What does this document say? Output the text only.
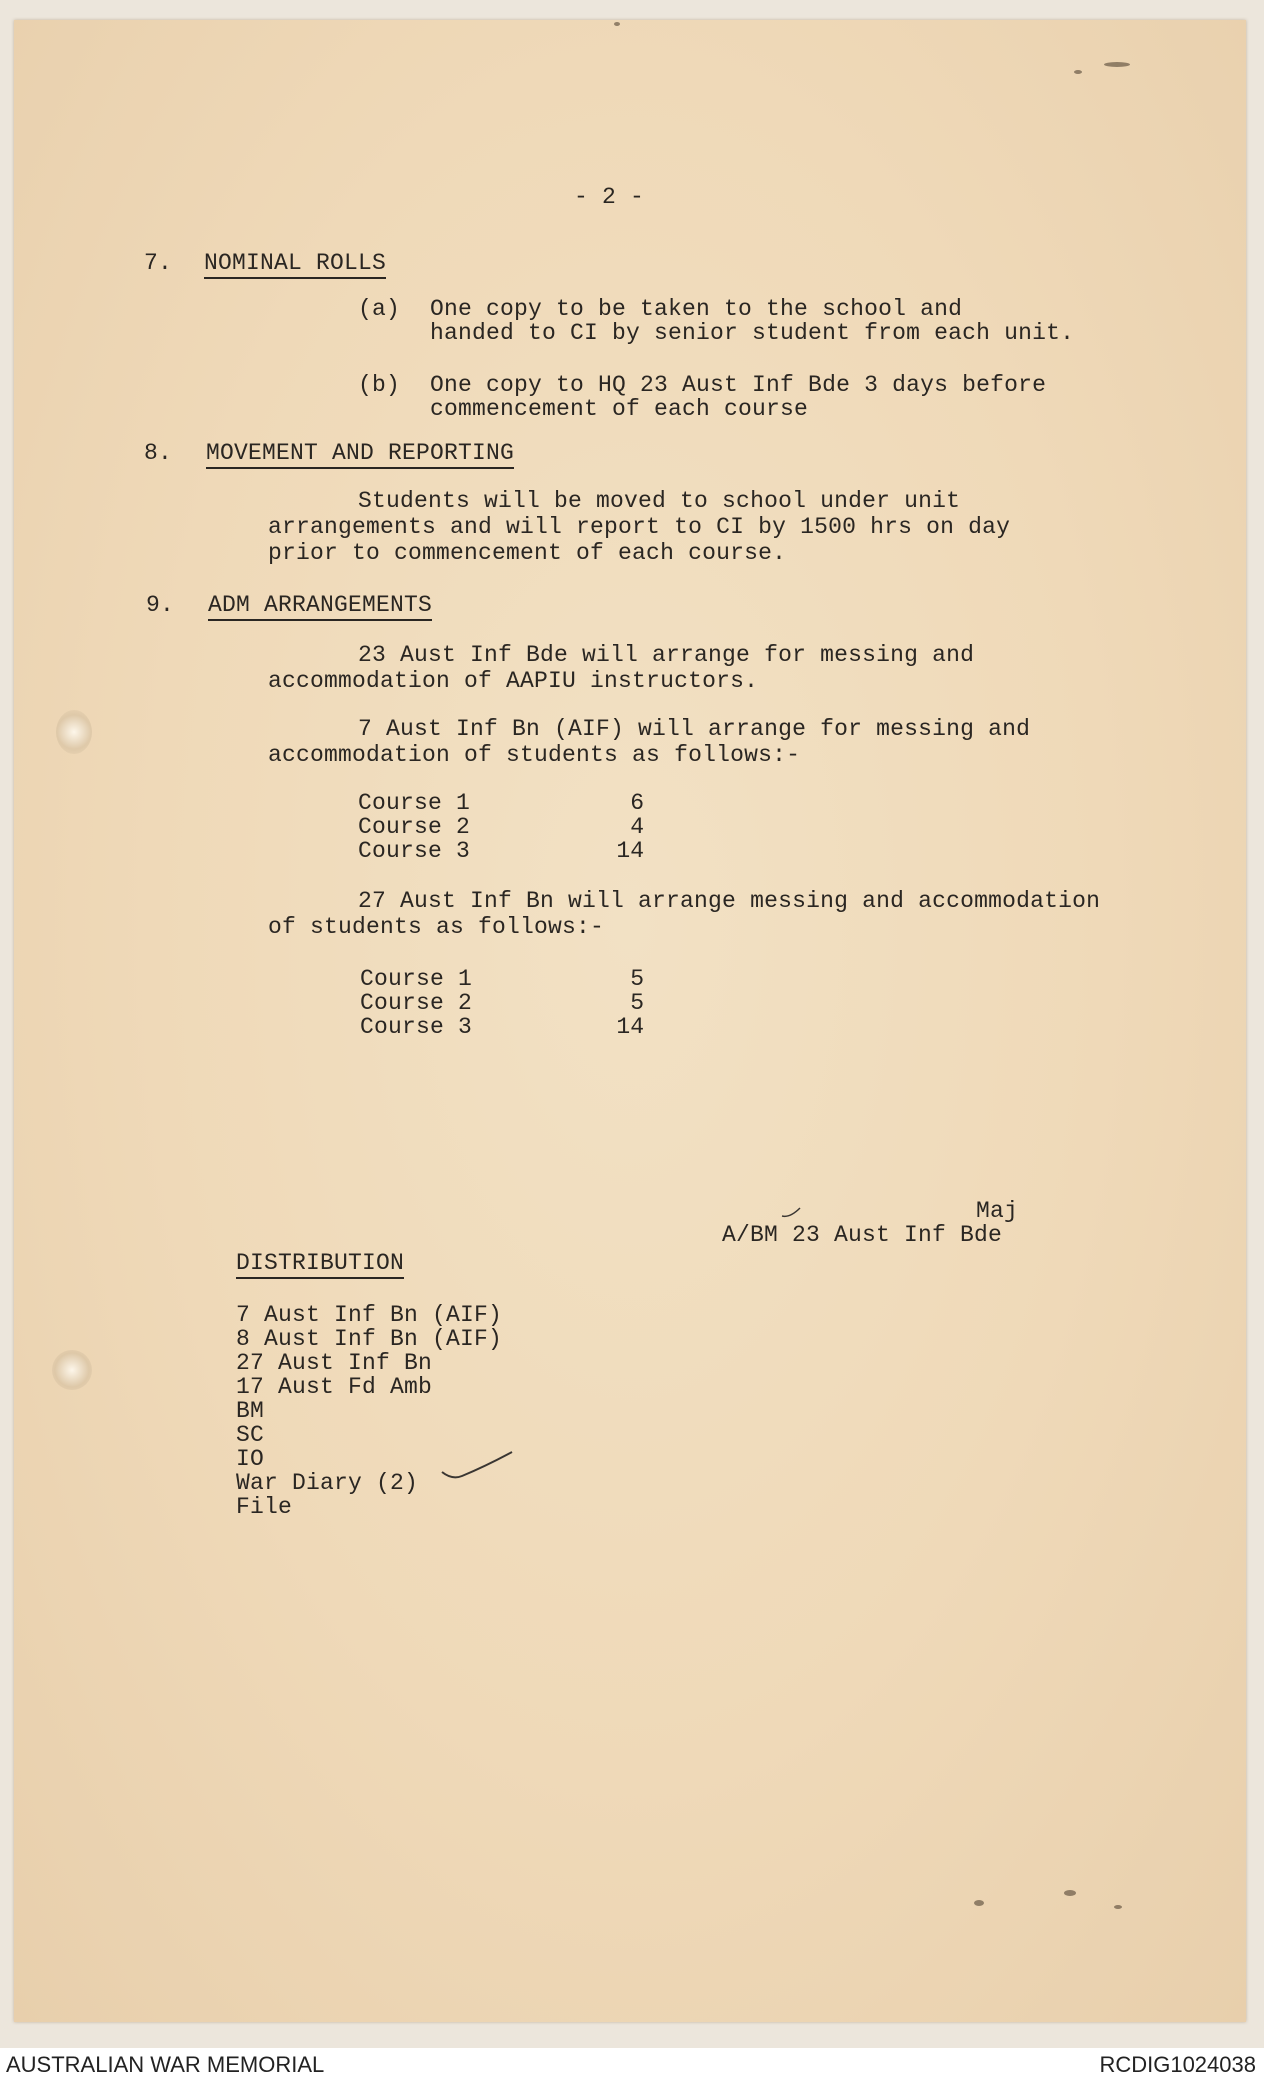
- 2 -
7. NOMINAL ROLLS
(a) One copy to be taken to the school and
handed to CI by senior student from each unit.
(b) One copy to HQ 23 Aust Inf Bde 3 days before
commencement of each course
8. MOVEMENT AND REPORTING
Students will be moved to school under unit
arrangements and will report to CI by 1500 hrs on day
prior to commencement of each course.
9. ADM ARRANGEMENTS
23 Aust Inf Bde will arrange for messing and
accommodation of AAPIU instructors.
7 Aust Inf Bn (AIF) will arrange for messing and
accommodation of students as follows:-
Course 1	6
Course 2	4
Course 3	14
27 Aust Inf Bn will arrange messing and accommodation
of students as follows:-
Course 1	5
Course 2	5
Course 3	14
Maj
A/BM 23 Aust Inf Bde
DISTRIBUTION
7 Aust Inf Bn (AIF)
8 Aust Inf Bn (AIF)
27 Aust Inf Bn
17 Aust Fd Amb
BM
SC
IO
War Diary (2)
File
AUSTRALIAN WAR MEMORIAL	RCDIG1024038
